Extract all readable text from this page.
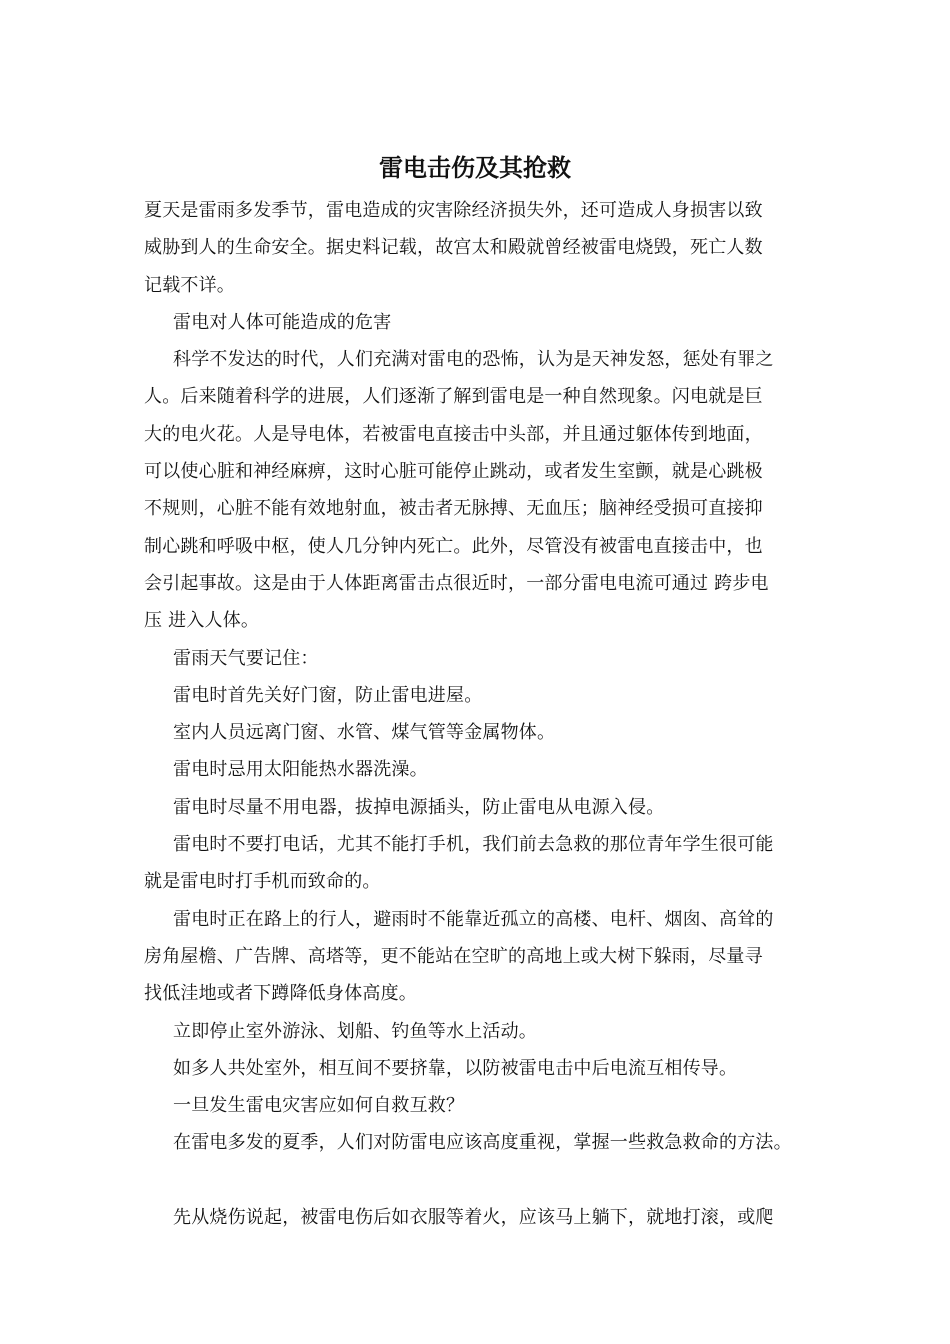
雷电击伤及其抢救
夏天是雷雨多发季节，雷电造成的灾害除经济损失外，还可造成人身损害以致
威胁到人的生命安全。据史料记载，故宫太和殿就曾经被雷电烧毁，死亡人数
记载不详。
雷电对人体可能造成的危害
科学不发达的时代，人们充满对雷电的恐怖，认为是天神发怒，惩处有罪之
人。后来随着科学的进展，人们逐渐了解到雷电是一种自然现象。闪电就是巨
大的电火花。人是导电体，若被雷电直接击中头部，并且通过躯体传到地面，
可以使心脏和神经麻痹，这时心脏可能停止跳动，或者发生室颤，就是心跳极
不规则，心脏不能有效地射血，被击者无脉搏、无血压；脑神经受损可直接抑
制心跳和呼吸中枢，使人几分钟内死亡。此外，尽管没有被雷电直接击中，也
会引起事故。这是由于人体距离雷击点很近时，一部分雷电电流可通过 跨步电
压 进入人体。
雷雨天气要记住：
雷电时首先关好门窗，防止雷电进屋。
室内人员远离门窗、水管、煤气管等金属物体。
雷电时忌用太阳能热水器洗澡。
雷电时尽量不用电器，拔掉电源插头，防止雷电从电源入侵。
雷电时不要打电话，尤其不能打手机，我们前去急救的那位青年学生很可能
就是雷电时打手机而致命的。
雷电时正在路上的行人，避雨时不能靠近孤立的高楼、电杆、烟囱、高耸的
房角屋檐、广告牌、高塔等，更不能站在空旷的高地上或大树下躲雨，尽量寻
找低洼地或者下蹲降低身体高度。
立即停止室外游泳、划船、钓鱼等水上活动。
如多人共处室外，相互间不要挤靠，以防被雷电击中后电流互相传导。
一旦发生雷电灾害应如何自救互救？
在雷电多发的夏季，人们对防雷电应该高度重视，掌握一些救急救命的方法。
先从烧伤说起，被雷电伤后如衣服等着火，应该马上躺下，就地打滚，或爬
